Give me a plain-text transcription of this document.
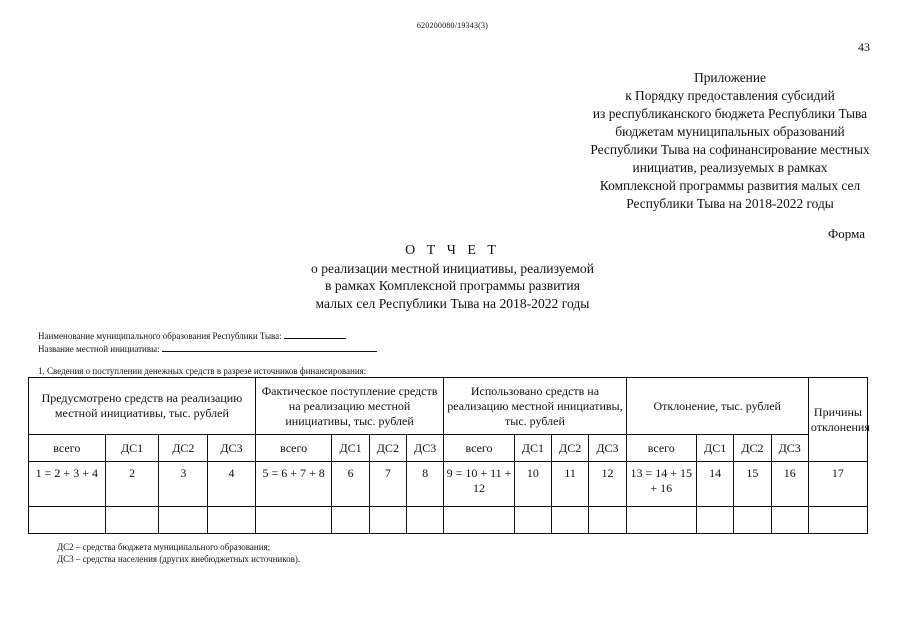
620200080/19343(3)
43
Приложение
к Порядку предоставления субсидий
из республиканского бюджета Республики Тыва
бюджетам муниципальных образований
Республики Тыва на софинансирование местных
инициатив, реализуемых в рамках
Комплексной программы развития малых сел
Республики Тыва на 2018-2022 годы
Форма
О Т Ч Е Т
о реализации местной инициативы, реализуемой
в рамках Комплексной программы развития
малых сел Республики Тыва на 2018-2022 годы
Наименование муниципального образования Республики Тыва:
Название местной инициативы:
1. Сведения о поступлении денежных средств в разрезе источников финансирования:
Предусмотрено средств на реализацию местной инициативы, тыс. рублей				Фактическое поступление средств на реализацию местной инициативы, тыс. рублей				Использовано средств на реализацию местной инициативы, тыс. рублей				Отклонение, тыс. рублей				Причины отклонения
всего	ДС1	ДС2	ДС3	всего	ДС1	ДС2	ДС3	всего	ДС1	ДС2	ДС3	всего	ДС1	ДС2	ДС3	
1 = 2 + 3 + 4	2	3	4	5 = 6 + 7 + 8	6	7	8	9 = 10 + 11 + 12	10	11	12	13 = 14 + 15 + 16	14	15	16	17

ДС2 – средства бюджета муниципального образования;
ДС3 – средства населения (других внебюджетных источников).
